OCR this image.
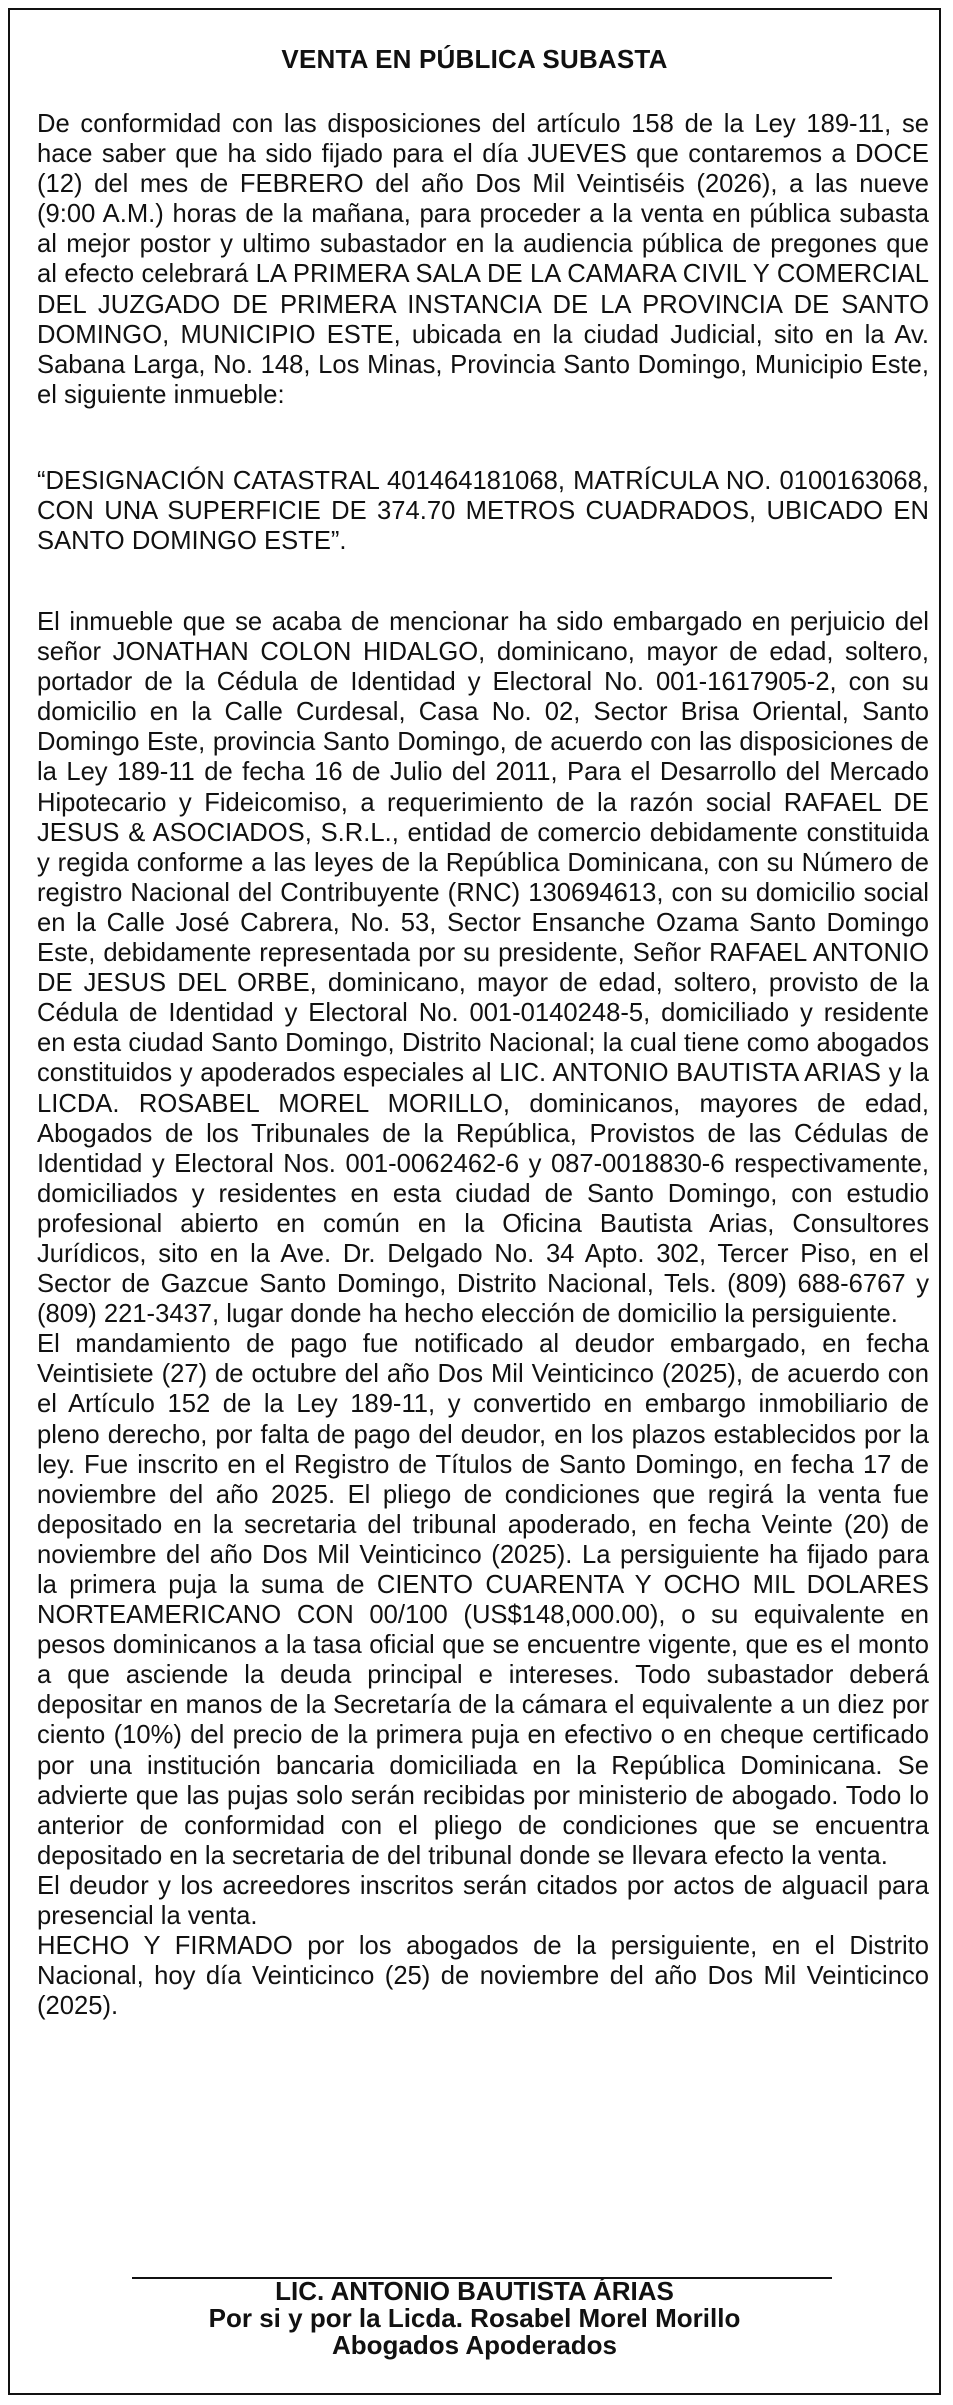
VENTA EN PÚBLICA SUBASTA

De conformidad con las disposiciones del artículo 158 de la Ley 189-11, se hace saber que ha sido fijado para el día JUEVES que contaremos a DOCE (12) del mes de FEBRERO del año Dos Mil Veintiséis (2026), a las nueve (9:00 A.M.) horas de la mañana, para proceder a la venta en pública subasta al mejor postor y ultimo subastador en la audiencia pública de pregones que al efecto celebrará LA PRIMERA SALA DE LA CAMARA CIVIL Y COMERCIAL DEL JUZGADO DE PRIMERA INSTANCIA DE LA PROVINCIA DE SANTO DOMINGO, MUNICIPIO ESTE, ubicada en la ciudad Judicial, sito en la Av. Sabana Larga, No. 148, Los Minas, Provincia Santo Domingo, Municipio Este, el siguiente inmueble:

“DESIGNACIÓN CATASTRAL 401464181068, MATRÍCULA NO. 0100163068, CON UNA SUPERFICIE DE 374.70 METROS CUADRADOS, UBICADO EN SANTO DOMINGO ESTE”.

El inmueble que se acaba de mencionar ha sido embargado en perjuicio del señor JONATHAN COLON HIDALGO, dominicano, mayor de edad, soltero, portador de la Cédula de Identidad y Electoral No. 001-1617905-2, con su domicilio en la Calle Curdesal, Casa No. 02, Sector Brisa Oriental, Santo Domingo Este, provincia Santo Domingo, de acuerdo con las disposiciones de la Ley 189-11 de fecha 16 de Julio del 2011, Para el Desarrollo del Mercado Hipotecario y Fideicomiso, a requerimiento de la razón social RAFAEL DE JESUS & ASOCIADOS, S.R.L., entidad de comercio debidamente constituida y regida conforme a las leyes de la República Dominicana, con su Número de registro Nacional del Contribuyente (RNC) 130694613, con su domicilio social en la Calle José Cabrera, No. 53, Sector Ensanche Ozama Santo Domingo Este, debidamente representada por su presidente, Señor RAFAEL ANTONIO DE JESUS DEL ORBE, dominicano, mayor de edad, soltero, provisto de la Cédula de Identidad y Electoral No. 001-0140248-5, domiciliado y residente en esta ciudad Santo Domingo, Distrito Nacional; la cual tiene como abogados constituidos y apoderados especiales al LIC. ANTONIO BAUTISTA ARIAS y la LICDA. ROSABEL MOREL MORILLO, dominicanos, mayores de edad, Abogados de los Tribunales de la República, Provistos de las Cédulas de Identidad y Electoral Nos. 001-0062462-6 y 087-0018830-6 respectivamente, domiciliados y residentes en esta ciudad de Santo Domingo, con estudio profesional abierto en común en la Oficina Bautista Arias, Consultores Jurídicos, sito en la Ave. Dr. Delgado No. 34 Apto. 302, Tercer Piso, en el Sector de Gazcue Santo Domingo, Distrito Nacional, Tels. (809) 688-6767 y (809) 221-3437, lugar donde ha hecho elección de domicilio la persiguiente.
El mandamiento de pago fue notificado al deudor embargado, en fecha Veintisiete (27) de octubre del año Dos Mil Veinticinco (2025), de acuerdo con el Artículo 152 de la Ley 189-11, y convertido en embargo inmobiliario de pleno derecho, por falta de pago del deudor, en los plazos establecidos por la ley. Fue inscrito en el Registro de Títulos de Santo Domingo, en fecha 17 de noviembre del año 2025. El pliego de condiciones que regirá la venta fue depositado en la secretaria del tribunal apoderado, en fecha Veinte (20) de noviembre del año Dos Mil Veinticinco (2025). La persiguiente ha fijado para la primera puja la suma de CIENTO CUARENTA Y OCHO MIL DOLARES NORTEAMERICANO CON 00/100 (US$148,000.00), o su equivalente en pesos dominicanos a la tasa oficial que se encuentre vigente, que es el monto a que asciende la deuda principal e intereses. Todo subastador deberá depositar en manos de la Secretaría de la cámara el equivalente a un diez por ciento (10%) del precio de la primera puja en efectivo o en cheque certificado por una institución bancaria domiciliada en la República Dominicana. Se advierte que las pujas solo serán recibidas por ministerio de abogado. Todo lo anterior de conformidad con el pliego de condiciones que se encuentra depositado en la secretaria de del tribunal donde se llevara efecto la venta.
El deudor y los acreedores inscritos serán citados por actos de alguacil para presencial la venta.
HECHO Y FIRMADO por los abogados de la persiguiente, en el Distrito Nacional, hoy día Veinticinco (25) de noviembre del año Dos Mil Veinticinco (2025).
LIC. ANTONIO BAUTISTA ÁRIAS
Por si y por la Licda. Rosabel Morel Morillo
Abogados Apoderados
